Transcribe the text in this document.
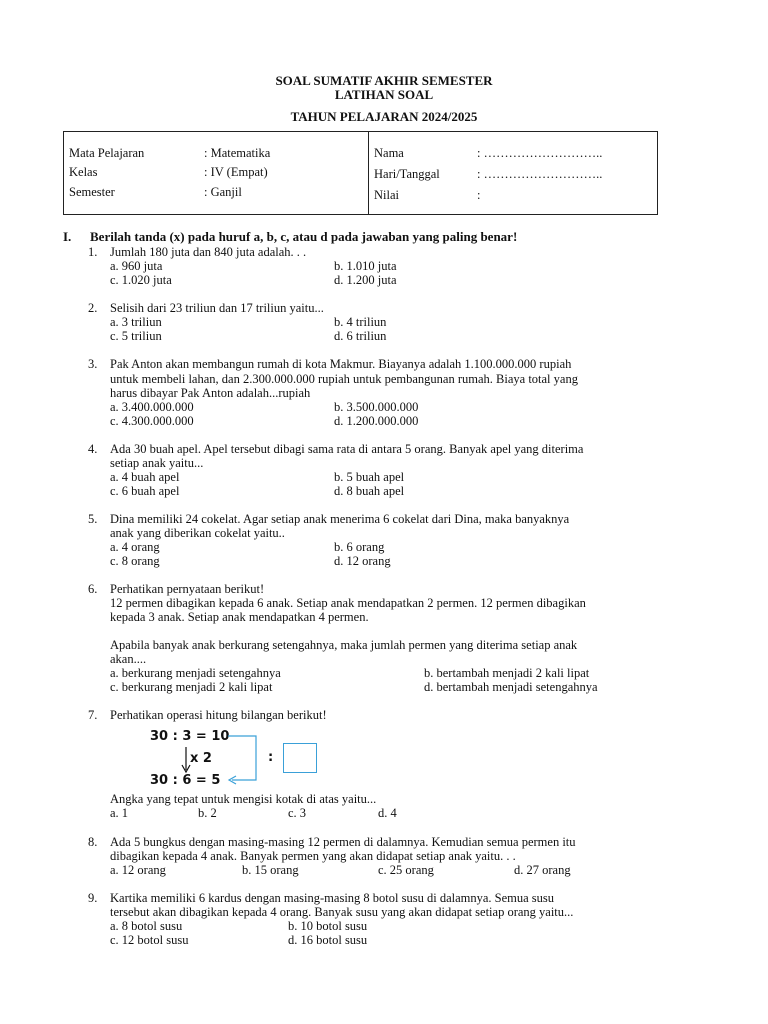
SOAL SUMATIF AKHIR SEMESTER
LATIHAN SOAL
TAHUN PELAJARAN 2024/2025
Mata Pelajaran	: Matematika
Kelas	: IV (Empat)
Semester	: Ganjil
Nama	: ………………………..
Hari/Tanggal	: ………………………..
Nilai	:
I. Berilah tanda (x) pada huruf a, b, c, atau d pada jawaban yang paling benar!
1. Jumlah 180 juta dan 840 juta adalah. . .
a. 960 juta	b. 1.010 juta
c. 1.020 juta	d. 1.200 juta
2. Selisih dari 23 triliun dan 17 triliun yaitu...
a. 3 triliun	b. 4 triliun
c. 5 triliun	d. 6 triliun
3. Pak Anton akan membangun rumah di kota Makmur. Biayanya adalah 1.100.000.000 rupiah
untuk membeli lahan, dan 2.300.000.000 rupiah untuk pembangunan rumah. Biaya total yang
harus dibayar Pak Anton adalah...rupiah
a. 3.400.000.000	b. 3.500.000.000
c. 4.300.000.000	d. 1.200.000.000
4. Ada 30 buah apel. Apel tersebut dibagi sama rata di antara 5 orang. Banyak apel yang diterima
setiap anak yaitu...
a. 4 buah apel	b. 5 buah apel
c. 6 buah apel	d. 8 buah apel
5. Dina memiliki 24 cokelat. Agar setiap anak menerima 6 cokelat dari Dina, maka banyaknya
anak yang diberikan cokelat yaitu..
a. 4 orang	b. 6 orang
c. 8 orang	d. 12 orang
6. Perhatikan pernyataan berikut!
12 permen dibagikan kepada 6 anak. Setiap anak mendapatkan 2 permen. 12 permen dibagikan
kepada 3 anak. Setiap anak mendapatkan 4 permen.
Apabila banyak anak berkurang setengahnya, maka jumlah permen yang diterima setiap anak
akan....
a. berkurang menjadi setengahnya	b. bertambah menjadi 2 kali lipat
c. berkurang menjadi 2 kali lipat	d. bertambah menjadi setengahnya
7. Perhatikan operasi hitung bilangan berikut!
30 : 3 = 10
x 2
30 : 6 = 5
:
Angka yang tepat untuk mengisi kotak di atas yaitu...
a. 1	b. 2	c. 3	d. 4
8. Ada 5 bungkus dengan masing-masing 12 permen di dalamnya. Kemudian semua permen itu
dibagikan kepada 4 anak. Banyak permen yang akan didapat setiap anak yaitu. . .
a. 12 orang	b. 15 orang	c. 25 orang	d. 27 orang
9. Kartika memiliki 6 kardus dengan masing-masing 8 botol susu di dalamnya. Semua susu
tersebut akan dibagikan kepada 4 orang. Banyak susu yang akan didapat setiap orang yaitu...
a. 8 botol susu	b. 10 botol susu
c. 12 botol susu	d. 16 botol susu
